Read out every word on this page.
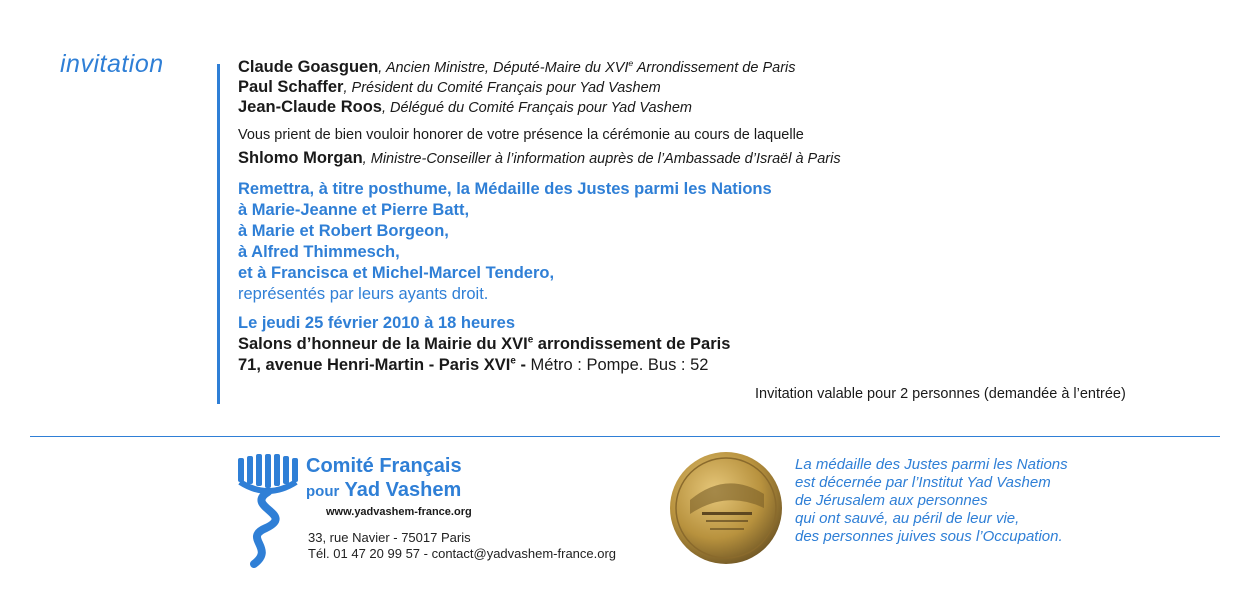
invitation	Claude Goasguen, Ancien Ministre, Député-Maire du XVIe Arrondissement de Paris
Paul Schaffer, Président du Comité Français pour Yad Vashem
Jean-Claude Roos, Délégué du Comité Français pour Yad Vashem
Vous prient de bien vouloir honorer de votre présence la cérémonie au cours de laquelle
Shlomo Morgan, Ministre-Conseiller à l’information auprès de l’Ambassade d’Israël à Paris
Remettra, à titre posthume, la Médaille des Justes parmi les Nations
à Marie-Jeanne et Pierre Batt,
à Marie et Robert Borgeon,
à Alfred Thimmesch,
et à Francisca et Michel-Marcel Tendero,
représentés par leurs ayants droit.
Le jeudi 25 février 2010 à 18 heures
Salons d’honneur de la Mairie du XVIe arrondissement de Paris
71, avenue Henri-Martin - Paris XVIe - Métro : Pompe. Bus : 52
Invitation valable pour 2 personnes (demandée à l’entrée)
Comité Français
pour Yad Vashem
www.yadvashem-france.org
33, rue Navier - 75017 Paris
Tél. 01 47 20 99 57 - contact@yadvashem-france.org
La médaille des Justes parmi les Nations
est décernée par l’Institut Yad Vashem
de Jérusalem aux personnes
qui ont sauvé, au péril de leur vie,
des personnes juives sous l’Occupation.
